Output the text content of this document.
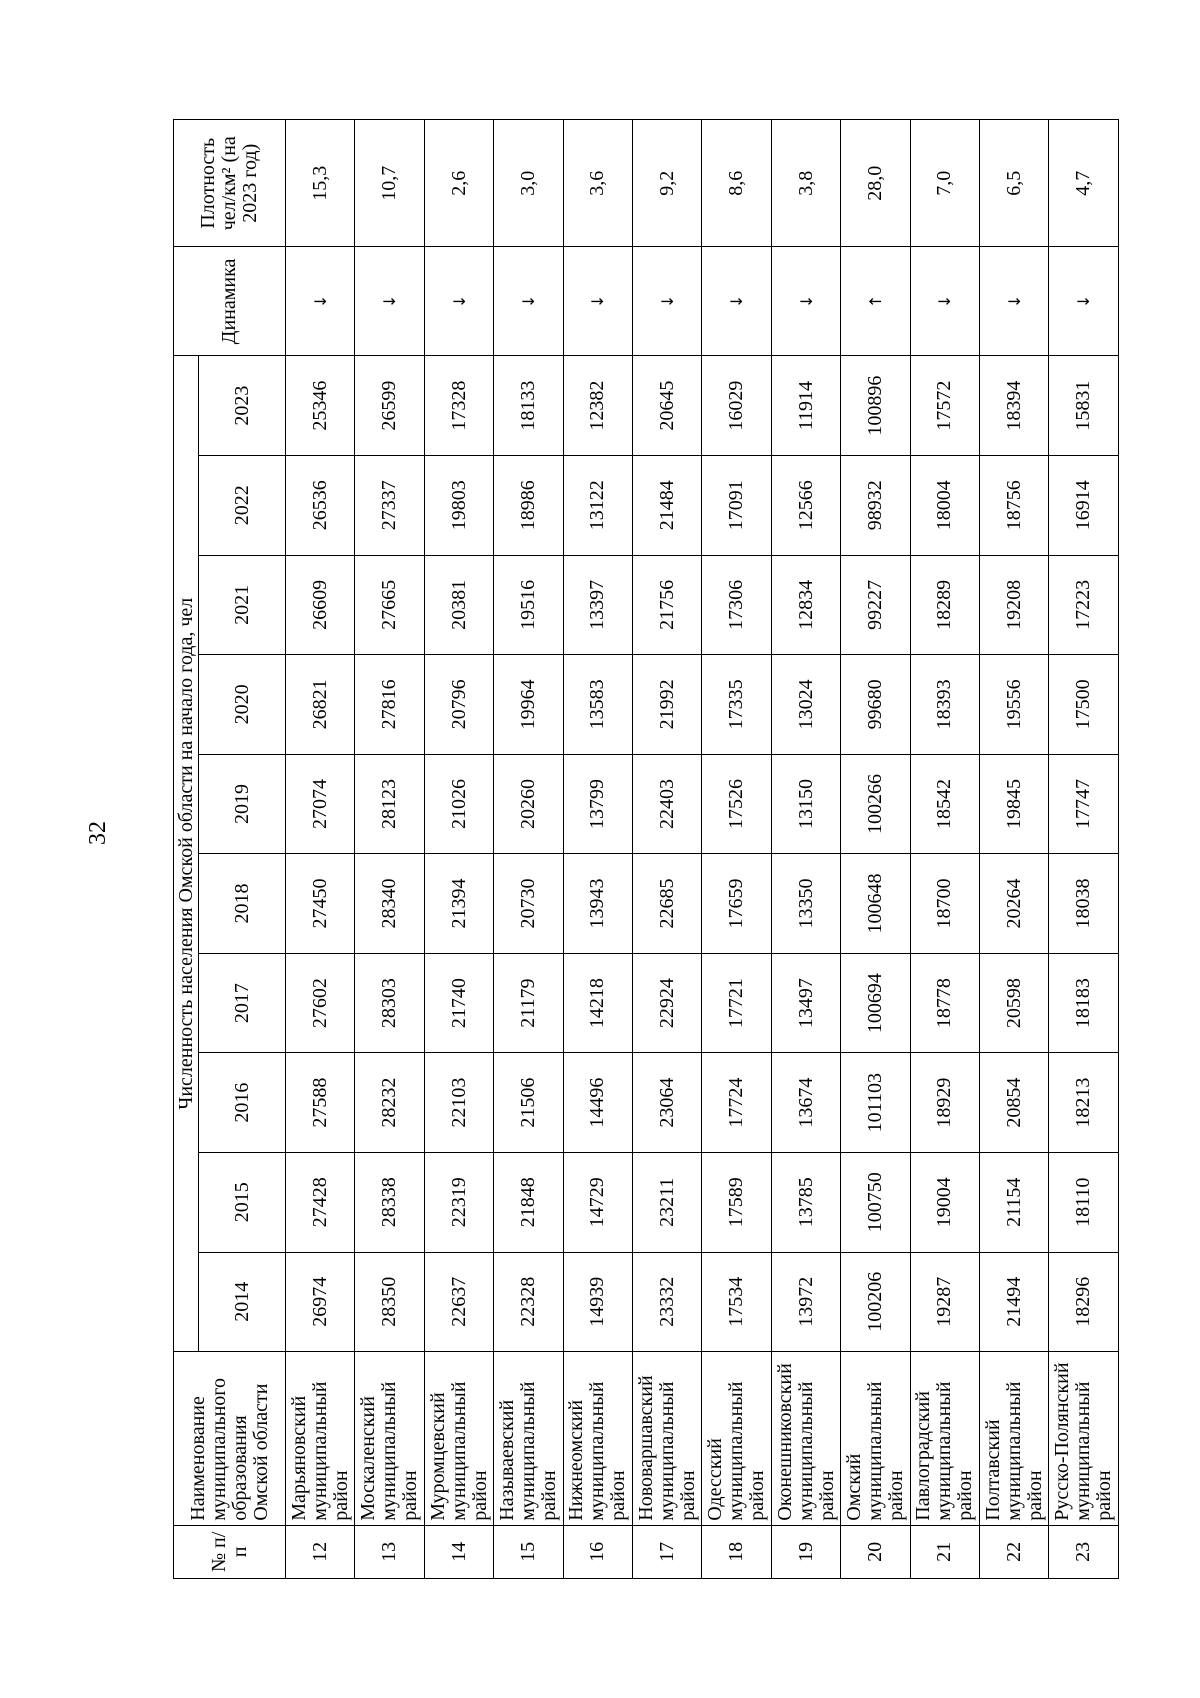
32
№ п/п	Наименование муниципального образования Омской области	Численность населения Омской области на начало года, чел										Динамика	Плотность чел/км² (на 2023 год)
		2014	2015	2016	2017	2018	2019	2020	2021	2022	2023		
12	Марьяновский муниципальный район	26974	27428	27588	27602	27450	27074	26821	26609	26536	25346	↓	15,3
13	Москаленский муниципальный район	28350	28338	28232	28303	28340	28123	27816	27665	27337	26599	↓	10,7
14	Муромцевский муниципальный район	22637	22319	22103	21740	21394	21026	20796	20381	19803	17328	↓	2,6
15	Называевский муниципальный район	22328	21848	21506	21179	20730	20260	19964	19516	18986	18133	↓	3,0
16	Нижнеомский муниципальный район	14939	14729	14496	14218	13943	13799	13583	13397	13122	12382	↓	3,6
17	Нововаршавский муниципальный район	23332	23211	23064	22924	22685	22403	21992	21756	21484	20645	↓	9,2
18	Одесский муниципальный район	17534	17589	17724	17721	17659	17526	17335	17306	17091	16029	↓	8,6
19	Оконешниковский муниципальный район	13972	13785	13674	13497	13350	13150	13024	12834	12566	11914	↓	3,8
20	Омский муниципальный район	100206	100750	101103	100694	100648	100266	99680	99227	98932	100896	↑	28,0
21	Павлоградский муниципальный район	19287	19004	18929	18778	18700	18542	18393	18289	18004	17572	↓	7,0
22	Полтавский муниципальный район	21494	21154	20854	20598	20264	19845	19556	19208	18756	18394	↓	6,5
23	Русско-Полянский муниципальный район	18296	18110	18213	18183	18038	17747	17500	17223	16914	15831	↓	4,7
